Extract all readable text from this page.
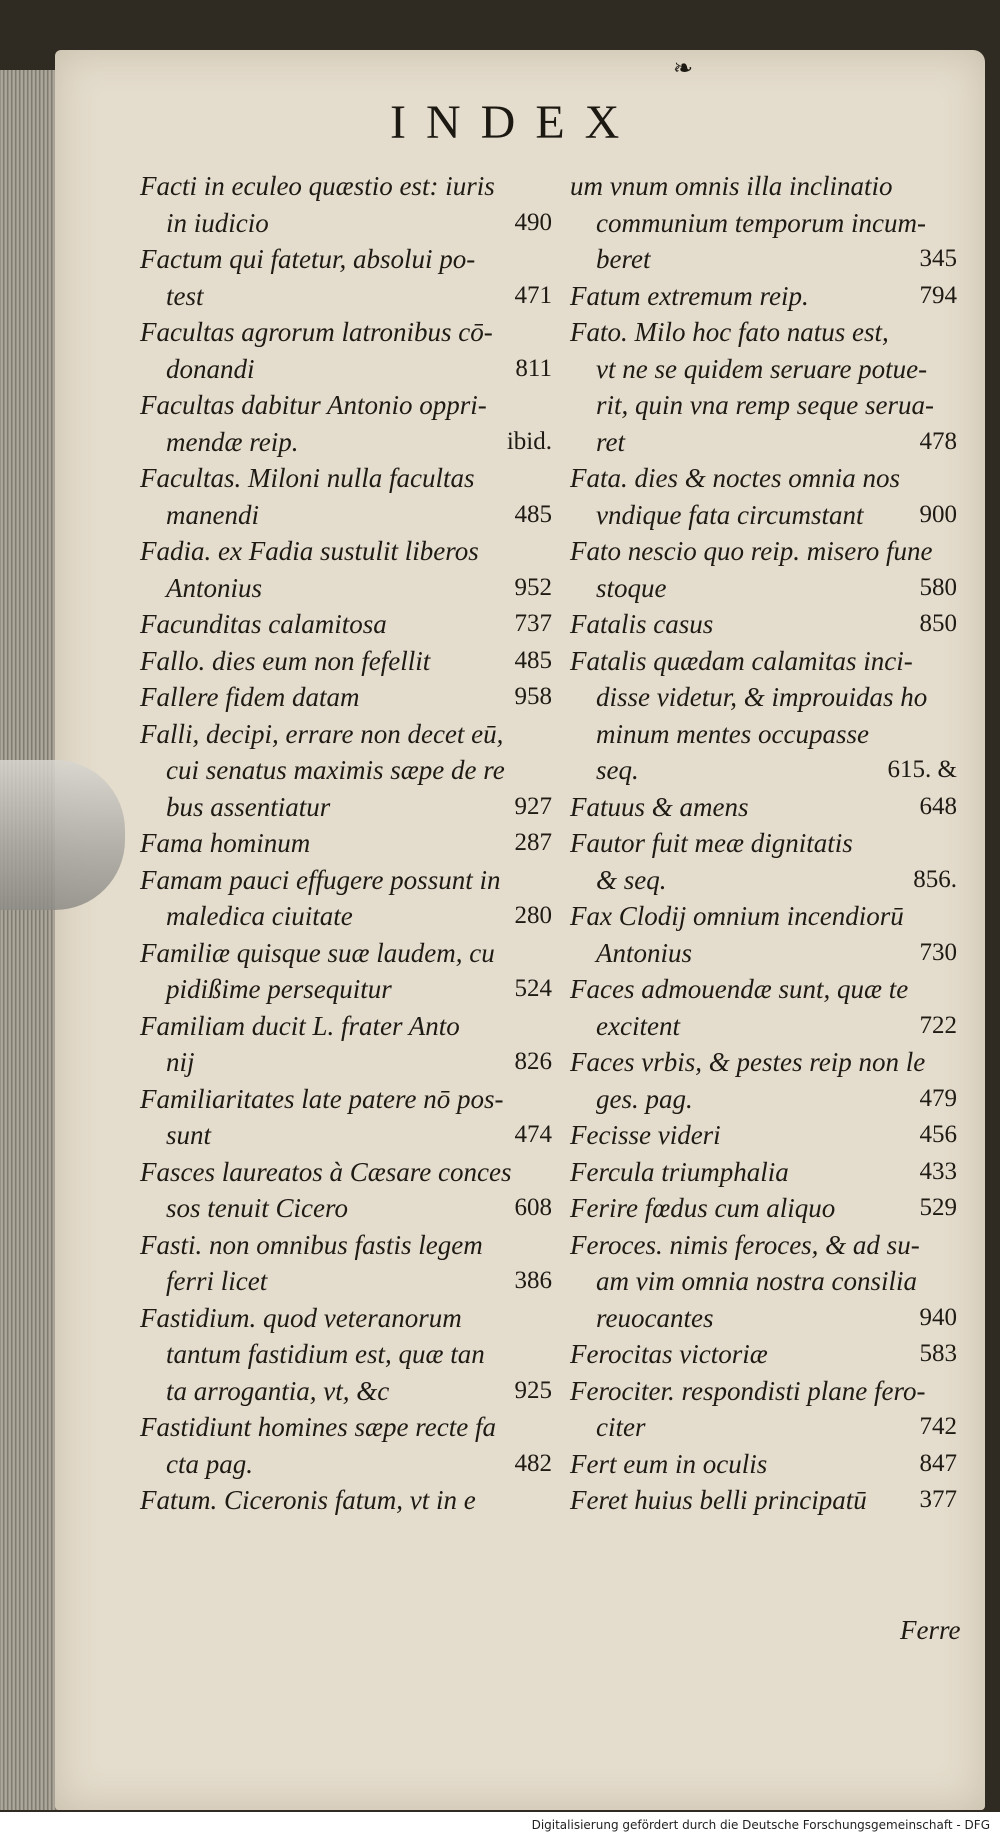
❧
INDEX
Facti in eculeo quæstio est: iuris
in iudicio	490
Factum qui fatetur, absolui po-
test	471
Facultas agrorum latronibus cō-
donandi	811
Facultas dabitur Antonio oppri-
mendæ reip.	ibid.
Facultas. Miloni nulla facultas
manendi	485
Fadia. ex Fadia sustulit liberos
Antonius	952
Facunditas calamitosa	737
Fallo. dies eum non fefellit	485
Fallere fidem datam	958
Falli, decipi, errare non decet eū,
cui senatus maximis sæpe de re
bus assentiatur	927
Fama hominum	287
Famam pauci effugere possunt in
maledica ciuitate	280
Familiæ quisque suæ laudem, cu
pidißime persequitur	524
Familiam ducit L. frater Anto
nij	826
Familiaritates late patere nō pos-
sunt	474
Fasces laureatos à Cæsare conces
sos tenuit Cicero	608
Fasti. non omnibus fastis legem
ferri licet	386
Fastidium. quod veteranorum
tantum fastidium est, quæ tan
ta arrogantia, vt, &c	925
Fastidiunt homines sæpe recte fa
cta pag.	482
Fatum. Ciceronis fatum, vt in e
um vnum omnis illa inclinatio
communium temporum incum-
beret	345
Fatum extremum reip.	794
Fato. Milo hoc fato natus est,
vt ne se quidem seruare potue-
rit, quin vna remp seque serua-
ret	478
Fata. dies & noctes omnia nos
vndique fata circumstant 900
Fato nescio quo reip. misero fune
stoque	580
Fatalis casus	850
Fatalis quædam calamitas inci-
disse videtur, & improuidas ho
minum mentes occupasse
seq.	615. &
Fatuus & amens	648
Fautor fuit meæ dignitatis
& seq.	856.
Fax Clodij omnium incendiorū
Antonius	730
Faces admouendæ sunt, quæ te
excitent	722
Faces vrbis, & pestes reip non le
ges. pag.	479
Fecisse videri	456
Fercula triumphalia	433
Ferire fœdus cum aliquo	529
Feroces. nimis feroces, & ad su-
am vim omnia nostra consilia
reuocantes	940
Ferocitas victoriæ	583
Ferociter. respondisti plane fero-
citer	742
Fert eum in oculis	847
Feret huius belli principatū 377
Ferre
Digitalisierung gefördert durch die Deutsche Forschungsgemeinschaft - DFG
